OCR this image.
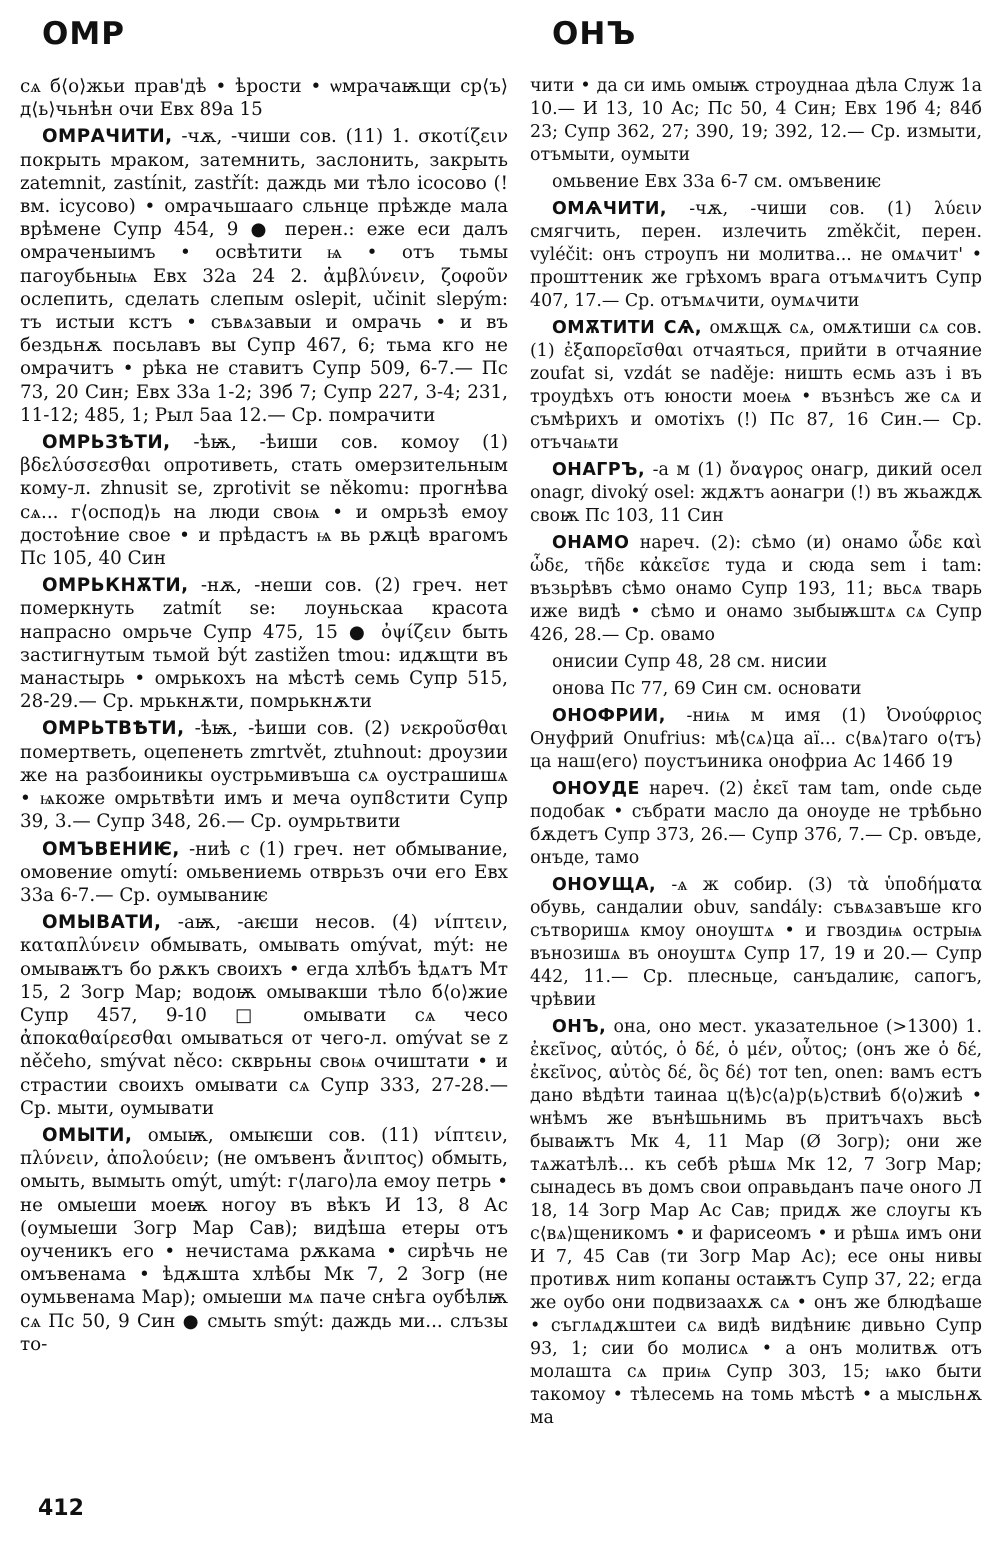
ОМР	ОНЪ

сѧ б⟨о⟩жьи прав'дѣ • ѣрости • ѡмрачаѭщи ср⟨ъ⟩д⟨ь⟩чьнѣн очи Евх 89а 15

ОМРАЧИТИ, -чѫ, -чиши сов. (11) 1. σκοτίζειν покрыть мраком, затемнить, заслонить, закрыть zatemnit, zastínit, zastřít: даждь ми тѣло ісосово (! вм. ісусово) • омрачьшааго сльнце прѣжде мала врѣмене Супр 454, 9 ● перен.: еже еси далъ омраченыимъ • освѣтити ѩ • отъ тьмы пагоубьныѩ Евх 32а 24 2. ἀμβλύνειν, ζοφοῦν ослепить, сделать слепым oslepit, učinit slepým: тъ истыи кстъ • съвѧзавыи и омрачь • и въ бездьнѫ посьлавъ вы Супр 467, 6; тьма кго не омрачитъ • рѣка не ставитъ Супр 509, 6-7.— Пс 73, 20 Син; Евх 33а 1-2; 39б 7; Супр 227, 3-4; 231, 11-12; 485, 1; Рыл 5аа 12.— Ср. помрачити

ОМРЬЗѢТИ, -ѣѭ, -ѣиши сов. комоу (1) βδελύσσεσθαι опротиветь, стать омерзительным кому-л. zhnusit se, zprotivit se někomu: прогнѣва сѧ... г⟨оспод⟩ь на люди своѩ • и омрьзѣ емоу достоѣние свое • и прѣдастъ ѩ вь рѫцѣ врагомъ Пс 105, 40 Син

ОМРЬКНѪТИ, -нѫ, -неши сов. (2) греч. нет померкнуть zatmít se: лоуньскаа красота напрасно омрьче Супр 475, 15 ● ὀψίζειν быть застигнутым тьмой být zastižen tmou: идѫщти въ манастырь • омрькохъ на мѣстѣ семь Супр 515, 28-29.— Ср. мрькнѫти, помрькнѫти

ОМРЬТВѢТИ, -ѣѭ, -ѣиши сов. (2) νεκροῦσθαι помертветь, оцепенеть zmrtvět, ztuhnout: дроузии же на разбоиникы оустрьмивъша сѧ оустрашишѧ • ѩкоже омрьтвѣти имъ и меча оуп8стити Супр 39, 3.— Супр 348, 26.— Ср. оумрьтвити

ОМЪВЕНИѤ, -ниѣ с (1) греч. нет обмывание, омовение omytí: омьвениемь отврьзъ очи его Евх 33а 6-7.— Ср. оумываниѥ

ОМЫВАТИ, -аѭ, -аѥши несов. (4) νίπτειν, καταπλύνειν обмывать, омывать omývat, mýt: не омываѭтъ бо рѫкъ своихъ • егда хлѣбъ ѣдѧтъ Мт 15, 2 Зогр Мар; водоѭ омывакши тѣло б⟨о⟩жие Супр 457, 9-10 □ омывати сѧ чесо ἀποκαθαίρεσθαι омываться от чего-л. omývat se z něčeho, smývat něco: скврьны своѩ очиштати • и страстии своихъ омывати сѧ Супр 333, 27-28.— Ср. мыти, оумывати

ОМЫТИ, омыѭ, омыѥши сов. (11) νίπτειν, πλύνειν, ἀπολούειν; (не омъвенъ ἄνιπτος) обмыть, омыть, вымыть omýt, umýt: г⟨лаго⟩ла емоу петрь • не омыеши моеѭ ногоу въ вѣкъ И 13, 8 Ас (оумыеши Зогр Мар Сав); видѣша етеры отъ оученикъ его • нечистама рѫкама • сирѣчь не омъвенама • ѣдѫшта хлѣбы Мк 7, 2 Зогр (не оумьвенама Мар); омыеши мѧ паче снѣга оубѣлѭ сѧ Пс 50, 9 Син ● смыть smýt: даждь ми... слъзы то-

чити • да си имь омыѭ строуднаа дѣла Служ 1а 10.— И 13, 10 Ас; Пс 50, 4 Син; Евх 19б 4; 84б 23; Супр 362, 27; 390, 19; 392, 12.— Ср. измыти, отъмыти, оумыти

омьвение Евх 33а 6-7 см. омъвениѥ

ОМѦЧИТИ, -чѫ, -чиши сов. (1) λύειν смягчить, перен. излечить změkčit, перен. vyléčit: онъ строупъ ни молитва... не омѧчит' • прошттеник же грѣхомъ врага отъмѧчитъ Супр 407, 17.— Ср. отъмѧчити, оумѧчити

ОМѪТИТИ СѦ, омѫщѫ сѧ, омѫтиши сѧ сов. (1) ἐξαπορεῖσθαι отчаяться, прийти в отчаяние zoufat si, vzdát se naděje: ништь есмь азъ і въ троудѣхъ отъ юности моеѩ • възнѣсъ же сѧ и съмѣрихъ и омотіхъ (!) Пс 87, 16 Син.— Ср. отъчаѩти

ОНАГРЪ, -а м (1) ὄναγρος онагр, дикий осел onagr, divoký osel: ждѫтъ аонагри (!) въ жьаждѫ своѭ Пс 103, 11 Син

ОНАМО нареч. (2): сѣмо (и) онамо ὧδε καὶ ὧδε, τῆδε κἀκεῖσε туда и сюда sem i tam: възьрѣвъ сѣмо онамо Супр 193, 11; вьсѧ тварь иже видѣ • сѣмо и онамо зыбыѭштѧ сѧ Супр 426, 28.— Ср. овамо

онисии Супр 48, 28 см. нисии

онова Пс 77, 69 Син см. основати

ОНОФРИИ, -ниѩ м имя (1) Ὀνούφριος Онуфрий Onufrius: мѣ⟨сѧ⟩ца аї... с⟨вѧ⟩таго о⟨тъ⟩ца наш⟨его⟩ поустъиника онофриа Ас 146б 19

ОНОУДЕ нареч. (2) ἐκεῖ там tam, onde сьде подобак • събрати масло да оноуде не трѣбьно бѫдетъ Супр 373, 26.— Супр 376, 7.— Ср. овъде, онъде, тамо

ОНОУЩА, -ѧ ж собир. (3) τὰ ὑποδήματα обувь, сандалии obuv, sandály: съвѧзавъше кго сътворишѧ кмоу оноуштѧ • и гвоздиѩ острыѩ вънозишѧ въ оноуштѧ Супр 17, 19 и 20.— Супр 442, 11.— Ср. плесньце, санъдалиѥ, сапогъ, чрѣвии

ОНЪ, она, оно мест. указательное (>1300) 1. ἐκεῖνος, αὐτός, ὁ δέ, ὁ μέν, οὗτος; (онъ же ὁ δέ, ἐκεῖνος, αὐτὸς δέ, ὃς δέ) тот ten, onen: вамъ естъ дано вѣдѣти таинаа ц⟨ѣ⟩с⟨а⟩р⟨ь⟩ствиѣ б⟨о⟩жиѣ • ѡнѣмъ же вънѣшьнимь въ притъчахъ вьсѣ бываѭтъ Мк 4, 11 Мар (Ø Зогр); они же тѧжатѣлѣ... къ себѣ рѣшѧ Мк 12, 7 Зогр Мар; сынадесь въ домъ свои оправьданъ паче оного Л 18, 14 Зогр Мар Ас Сав; придѫ же слоугы къ с⟨вѧ⟩щеникомъ • и фарисеомъ • и рѣшѧ имъ они И 7, 45 Сав (ти Зогр Мар Ас); есе оны нивы противѫ ниm копаны остаѭтъ Супр 37, 22; егда же оубо они подвизаахѫ сѧ • онъ же блюдѣаше • съглѧдѫштеи сѧ видѣ видѣниѥ дивьно Супр 93, 1; сии бо молисѧ • а онъ молитвѫ отъ молашта сѧ приѩ Супр 303, 15; ѩко быти такомоу • тѣлесемь на томь мѣстѣ • а мысльнѫ ма

412
